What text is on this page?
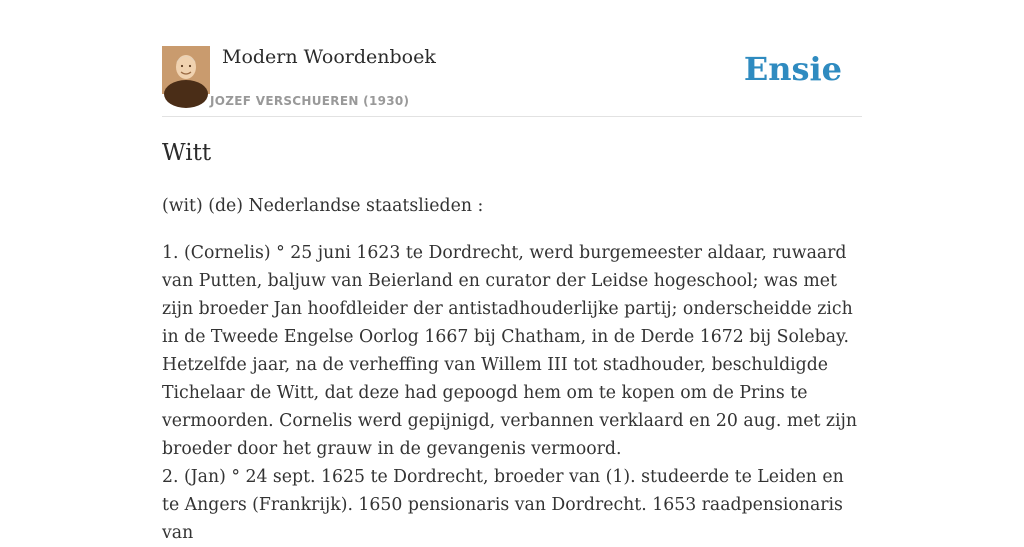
Modern Woordenboek
JOZEF VERSCHUEREN (1930)
Ensie
Witt

(wit) (de) Nederlandse staatslieden :

1. (Cornelis) ° 25 juni 1623 te Dordrecht, werd burgemeester aldaar, ruwaard van Putten, baljuw van Beierland en curator der Leidse hogeschool; was met zijn broeder Jan hoofdleider der antistadhouderlijke partij; onderscheidde zich in de Tweede Engelse Oorlog 1667 bij Chatham, in de Derde 1672 bij Solebay. Hetzelfde jaar, na de verheffing van Willem III tot stadhouder, beschuldigde Tichelaar de Witt, dat deze had gepoogd hem om te kopen om de Prins te vermoorden. Cornelis werd gepijnigd, verbannen verklaard en 20 aug. met zijn broeder door het grauw in de gevangenis vermoord.

2. (Jan) ° 24 sept. 1625 te Dordrecht, broeder van (1). studeerde te Leiden en te Angers (Frankrijk). 1650 pensionaris van Dordrecht. 1653 raadpensionaris van
